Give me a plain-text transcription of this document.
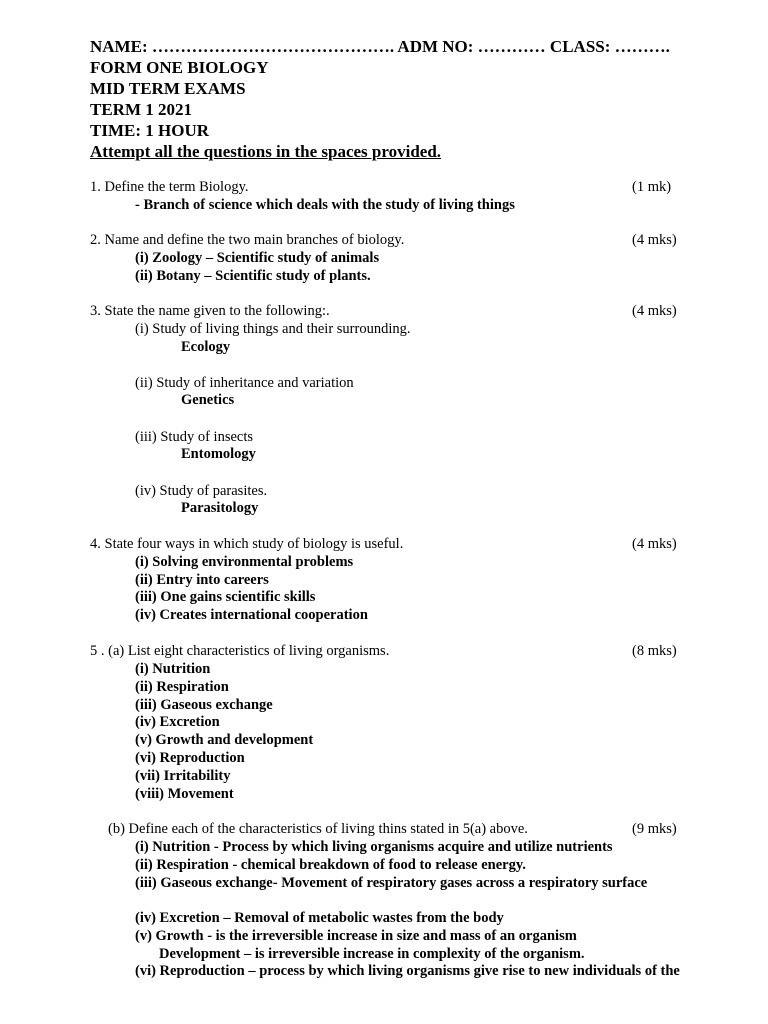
NAME: ……………………………………. ADM NO: ………… CLASS: ……….
FORM ONE BIOLOGY
MID TERM EXAMS
TERM 1 2021
TIME: 1 HOUR
Attempt all the questions in the spaces provided.
1. Define the term Biology.	(1 mk)
- Branch of science which deals with the study of living things
2. Name and define the two main branches of biology.	(4 mks)
(i) Zoology – Scientific study of animals
(ii) Botany – Scientific study of plants.
3. State the name given to the following:.	(4 mks)
(i) Study of living things and their surrounding.
Ecology
(ii) Study of inheritance and variation
Genetics
(iii) Study of insects
Entomology
(iv) Study of parasites.
Parasitology
4. State four ways in which study of biology is useful.	(4 mks)
(i) Solving environmental problems
(ii) Entry into careers
(iii) One gains scientific skills
(iv) Creates international cooperation
5 . (a) List eight characteristics of living organisms.	(8 mks)
(i) Nutrition
(ii) Respiration
(iii) Gaseous exchange
(iv) Excretion
(v) Growth and development
(vi) Reproduction
(vii) Irritability
(viii) Movement
(b) Define each of the characteristics of living thins stated in 5(a) above.	(9 mks)
(i) Nutrition - Process by which living organisms acquire and utilize nutrients
(ii) Respiration - chemical breakdown of food to release energy.
(iii) Gaseous exchange- Movement of respiratory gases across a respiratory surface
(iv) Excretion – Removal of metabolic wastes from the body
(v) Growth - is the irreversible increase in size and mass of an organism
Development – is irreversible increase in complexity of the organism.
(vi) Reproduction – process by which living organisms give rise to new individuals of the
